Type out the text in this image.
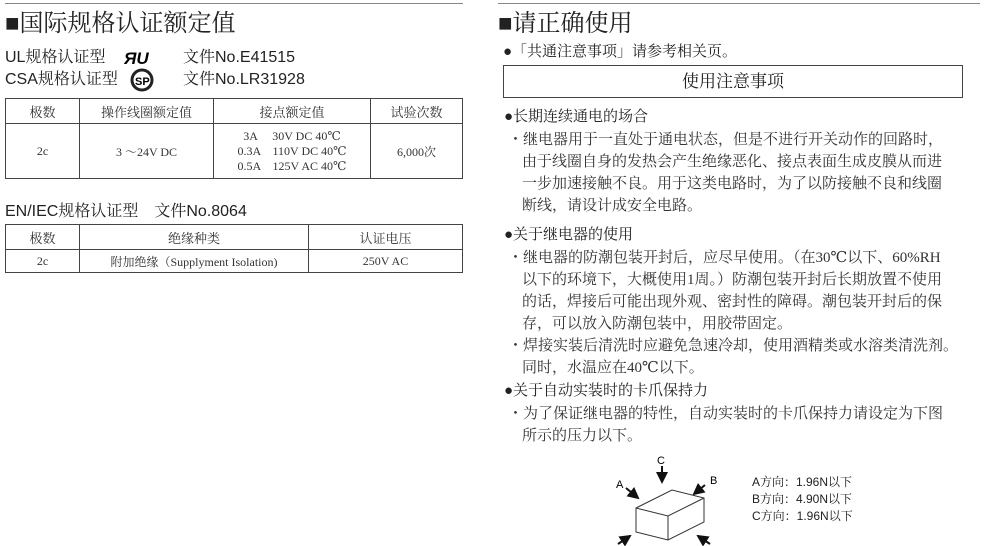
■国际规格认证额定值
UL规格认证型 ЯU 文件No.E41515
CSA规格认证型 SP 文件No.LR31928
极数	操作线圈额定值	接点额定值	试验次数
2c	3 ～24V DC	3A　 30V DC 40℃
0.3A　110V DC 40℃
0.5A　125V AC 40℃	6,000次
EN/IEC规格认证型　文件No.8064
极数	绝缘种类	认证电压
2c	附加绝缘（Supplyment Isolation)	250V AC
■请正确使用
●「共通注意事项」请参考相关页。
使用注意事项
●长期连续通电的场合
・继电器用于一直处于通电状态，但是不进行开关动作的回路时，
由于线圈自身的发热会产生绝缘恶化、接点表面生成皮膜从而进
一步加速接触不良。用于这类电路时，为了以防接触不良和线圈
断线，请设计成安全电路。
●关于继电器的使用
・继电器的防潮包装开封后，应尽早使用。（在30℃以下、60%RH
以下的环境下，大概使用1周。）防潮包装开封后长期放置不使用
的话，焊接后可能出现外观、密封性的障碍。潮包装开封后的保
存，可以放入防潮包装中，用胶带固定。
・焊接实装后清洗时应避免急速冷却，使用酒精类或水溶类清洗剂。
同时，水温应在40℃以下。
●关于自动实装时的卡爪保持力
・为了保证继电器的特性，自动实装时的卡爪保持力请设定为下图
所示的压力以下。
C
A	B	A方向：1.96N以下
B方向：4.90N以下
C方向：1.96N以下
